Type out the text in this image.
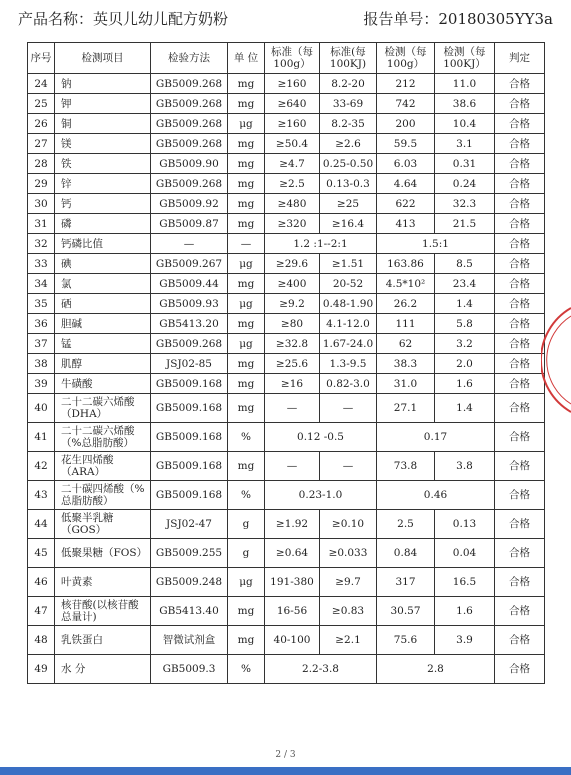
产品名称：英贝儿幼儿配方奶粉	报告单号：20180305YY3a
序号	检测项目	检验方法	单 位	标准（每100g）	标准(每100KJ)	检测（每100g）	检测（每100KJ）	判定
24	钠	GB5009.268	mg	≥160	8.2-20	212	11.0	合格
25	钾	GB5009.268	mg	≥640	33-69	742	38.6	合格
26	铜	GB5009.268	μg	≥160	8.2-35	200	10.4	合格
27	镁	GB5009.268	mg	≥50.4	≥2.6	59.5	3.1	合格
28	铁	GB5009.90	mg	≥4.7	0.25-0.50	6.03	0.31	合格
29	锌	GB5009.268	mg	≥2.5	0.13-0.3	4.64	0.24	合格
30	钙	GB5009.92	mg	≥480	≥25	622	32.3	合格
31	磷	GB5009.87	mg	≥320	≥16.4	413	21.5	合格
32	钙磷比值	—	—	1.2 :1--2:1		1.5:1		合格
33	碘	GB5009.267	μg	≥29.6	≥1.51	163.86	8.5	合格
34	氯	GB5009.44	mg	≥400	20-52	4.5*10²	23.4	合格
35	硒	GB5009.93	μg	≥9.2	0.48-1.90	26.2	1.4	合格
36	胆碱	GB5413.20	mg	≥80	4.1-12.0	111	5.8	合格
37	锰	GB5009.268	μg	≥32.8	1.67-24.0	62	3.2	合格
38	肌醇	JSJ02-85	mg	≥25.6	1.3-9.5	38.3	2.0	合格
39	牛磺酸	GB5009.168	mg	≥16	0.82-3.0	31.0	1.6	合格
40	二十二碳六烯酸（DHA）	GB5009.168	mg	—	—	27.1	1.4	合格
41	二十二碳六烯酸（%总脂肪酸）	GB5009.168	%	0.12 -0.5		0.17		合格
42	花生四烯酸（ARA）	GB5009.168	mg	—	—	73.8	3.8	合格
43	二十碳四烯酸（%总脂肪酸）	GB5009.168	%	0.23-1.0		0.46		合格
44	低聚半乳糖（GOS）	JSJ02-47	g	≥1.92	≥0.10	2.5	0.13	合格
45	低聚果糖（FOS）	GB5009.255	g	≥0.64	≥0.033	0.84	0.04	合格
46	叶黄素	GB5009.248	μg	191-380	≥9.7	317	16.5	合格
47	核苷酸(以核苷酸总量计)	GB5413.40	mg	16-56	≥0.83	30.57	1.6	合格
48	乳铁蛋白	智微试剂盒	mg	40-100	≥2.1	75.6	3.9	合格
49	水 分	GB5009.3	%	2.2-3.8		2.8		合格
2 / 3
